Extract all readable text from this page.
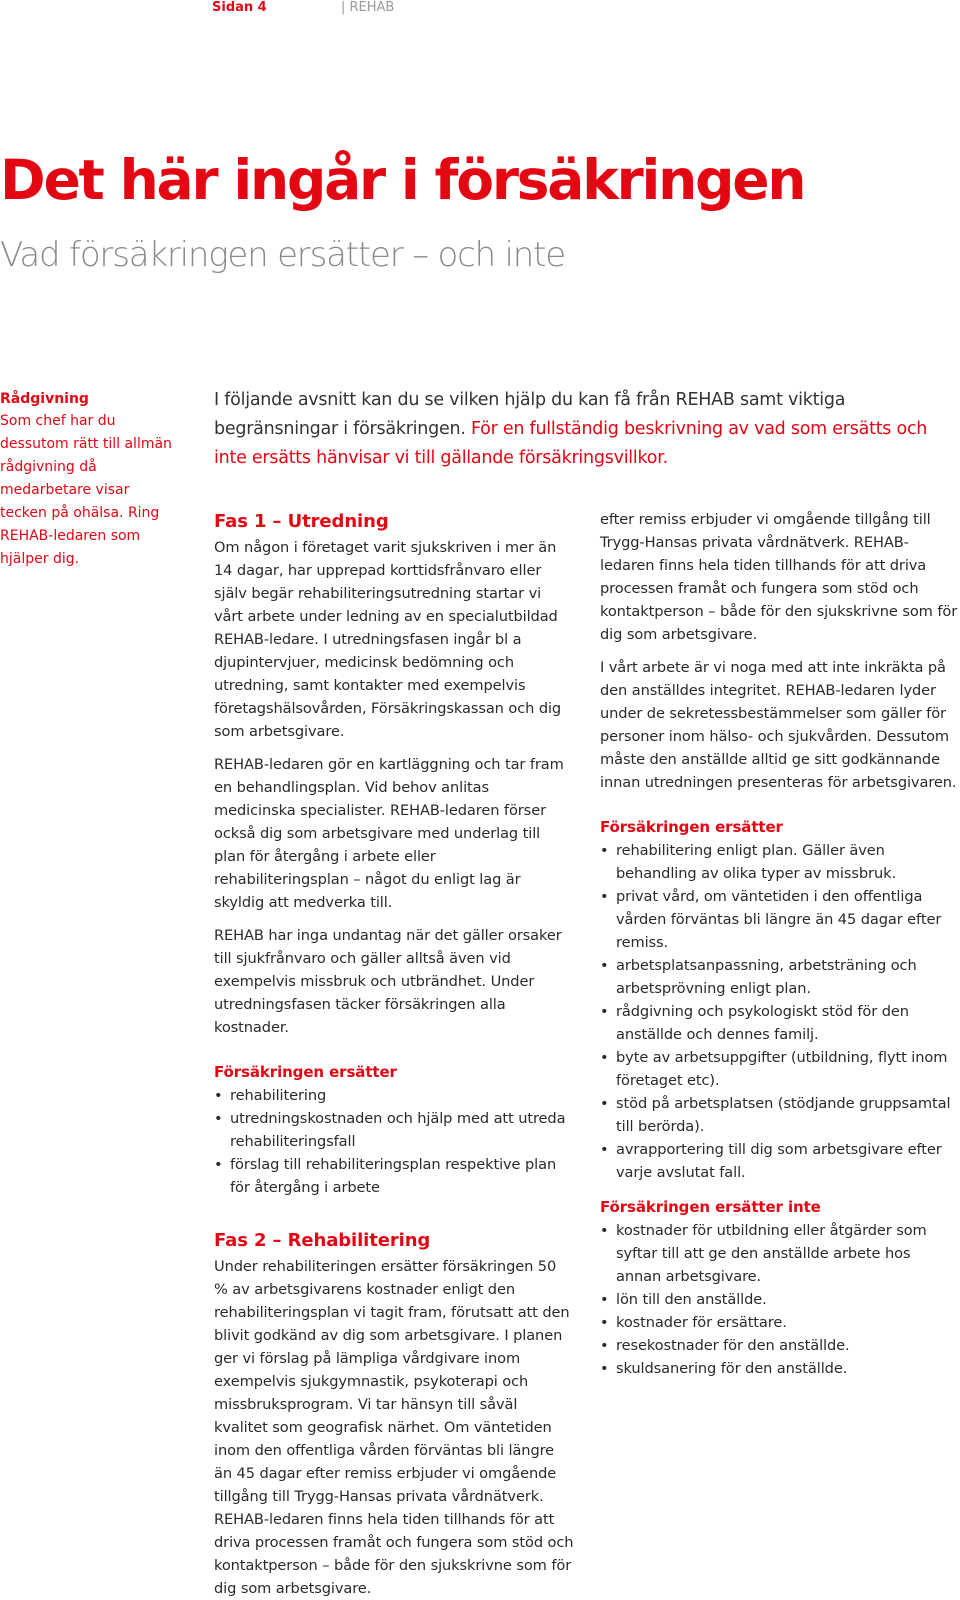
Sidan 4	| REHAB
Det här ingår i försäkringen
Vad försäkringen ersätter – och inte
Rådgivning
Som chef har du dessutom rätt till allmän rådgivning då medarbetare visar tecken på ohälsa. Ring REHAB-ledaren som hjälper dig.
I följande avsnitt kan du se vilken hjälp du kan få från REHAB samt viktiga begränsningar i försäkringen. För en fullständig beskrivning av vad som ersätts och inte ersätts hänvisar vi till gällande försäkringsvillkor.
Fas 1 – Utredning

Om någon i företaget varit sjukskriven i mer än 14 dagar, har upprepad korttidsfrånvaro eller själv begär rehabiliteringsutredning startar vi vårt arbete under ledning av en specialutbildad REHAB-ledare. I utredningsfasen ingår bl a djupintervjuer, medicinsk bedömning och utredning, samt kontakter med exempelvis företagshälsovården, Försäkringskassan och dig som arbetsgivare.

REHAB-ledaren gör en kartläggning och tar fram en behandlingsplan. Vid behov anlitas medicinska specialister. REHAB-ledaren förser också dig som arbetsgivare med underlag till plan för återgång i arbete eller rehabiliteringsplan – något du enligt lag är skyldig att medverka till.

REHAB har inga undantag när det gäller orsaker till sjukfrånvaro och gäller alltså även vid exempelvis missbruk och utbrändhet. Under utredningsfasen täcker försäkringen alla kostnader.

Försäkringen ersätter
• rehabilitering
• utredningskostnaden och hjälp med att utreda rehabiliteringsfall
• förslag till rehabiliteringsplan respektive plan för återgång i arbete
Fas 2 – Rehabilitering

Under rehabiliteringen ersätter försäkringen 50 % av arbetsgivarens kostnader enligt den rehabiliteringsplan vi tagit fram, förutsatt att den blivit godkänd av dig som arbetsgivare. I planen ger vi förslag på lämpliga vårdgivare inom exempelvis sjukgymnastik, psykoterapi och missbruksprogram. Vi tar hänsyn till såväl kvalitet som geografisk närhet. Om väntetiden inom den offentliga vården förväntas bli längre än 45 dagar efter remiss erbjuder vi omgående tillgång till Trygg-Hansas privata vårdnätverk. REHAB-ledaren finns hela tiden tillhands för att driva processen framåt och fungera som stöd och kontaktperson – både för den sjukskrivne som för dig som arbetsgivare.

efter remiss erbjuder vi omgående tillgång till Trygg-Hansas privata vårdnätverk. REHAB-ledaren finns hela tiden tillhands för att driva processen framåt och fungera som stöd och kontaktperson – både för den sjukskrivne som för dig som arbetsgivare.

I vårt arbete är vi noga med att inte inkräkta på den anställdes integritet. REHAB-ledaren lyder under de sekretessbestämmelser som gäller för personer inom hälso- och sjukvården. Dessutom måste den anställde alltid ge sitt godkännande innan utredningen presenteras för arbetsgivaren.

Försäkringen ersätter
• rehabilitering enligt plan. Gäller även behandling av olika typer av missbruk.
• privat vård, om väntetiden i den offentliga vården förväntas bli längre än 45 dagar efter remiss.
• arbetsplatsanpassning, arbetsträning och arbetsprövning enligt plan.
• rådgivning och psykologiskt stöd för den anställde och dennes familj.
• byte av arbetsuppgifter (utbildning, flytt inom företaget etc).
• stöd på arbetsplatsen (stödjande gruppsamtal till berörda).
• avrapportering till dig som arbetsgivare efter varje avslutat fall.
Försäkringen ersätter inte
• kostnader för utbildning eller åtgärder som syftar till att ge den anställde arbete hos annan arbetsgivare.
• lön till den anställde.
• kostnader för ersättare.
• resekostnader för den anställde.
• skuldsanering för den anställde.
